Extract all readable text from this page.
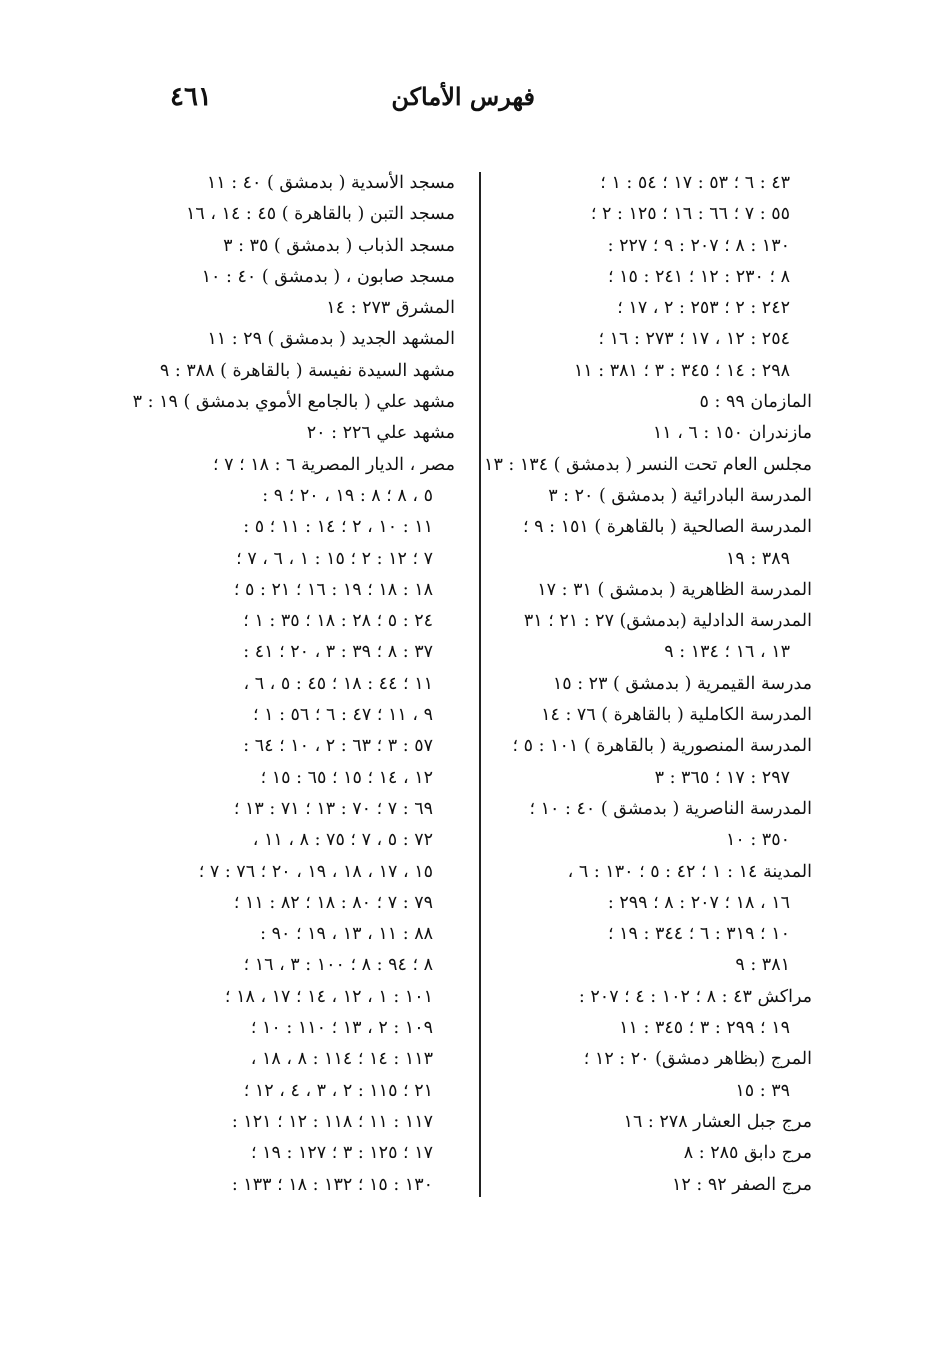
فهرس الأماكن
٤٦١
٤٣ : ٦ ؛ ٥٣ : ١٧ ؛ ٥٤ : ١ ؛
٥٥ : ٧ ؛ ٦٦ : ١٦ ؛ ١٢٥ : ٢ ؛
١٣٠ : ٨ ؛ ٢٠٧ : ٩ ؛ ٢٢٧ :
٨ ؛ ٢٣٠ : ١٢ ؛ ٢٤١ : ١٥ ؛
٢٤٢ : ٢ ؛ ٢٥٣ : ٢ ، ١٧ ؛
٢٥٤ : ١٢ ، ١٧ ؛ ٢٧٣ : ١٦ ؛
٢٩٨ : ١٤ ؛ ٣٤٥ : ٣ ؛ ٣٨١ : ١١
المازمان ٩٩ : ٥
مازندران ١٥٠ : ٦ ، ١١
مجلس العام تحت النسر ( بدمشق ) ١٣٤ : ١٣
المدرسة البادرائية ( بدمشق ) ٢٠ : ٣
المدرسة الصالحية ( بالقاهرة ) ١٥١ : ٩ ؛
٣٨٩ : ١٩
المدرسة الظاهرية ( بدمشق ) ٣١ : ١٧
المدرسة الدادلية (بدمشق) ٢٧ : ٢١ ؛ ٣١
١٣ ، ١٦ ؛ ١٣٤ : ٩
مدرسة القيمرية ( بدمشق ) ٢٣ : ١٥
المدرسة الكاملية ( بالقاهرة ) ٧٦ : ١٤
المدرسة المنصورية ( بالقاهرة ) ١٠١ : ٥ ؛
٢٩٧ : ١٧ ؛ ٣٦٥ : ٣
المدرسة الناصرية ( بدمشق ) ٤٠ : ١٠ ؛
٣٥٠ : ١٠
المدينة ١٤ : ١ ؛ ٤٢ : ٥ ؛ ١٣٠ : ٦ ،
١٦ ، ١٨ ؛ ٢٠٧ : ٨ ؛ ٢٩٩ :
١٠ ؛ ٣١٩ : ٦ ؛ ٣٤٤ : ١٩ ؛
٣٨١ : ٩
مراكش ٤٣ : ٨ ؛ ١٠٢ : ٤ ؛ ٢٠٧ :
١٩ ؛ ٢٩٩ : ٣ ؛ ٣٤٥ : ١١
المرج (بظاهر دمشق) ٢٠ : ١٢ ؛
٣٩ : ١٥
مرج جبل العشار ٢٧٨ : ١٦
مرج دابق ٢٨٥ : ٨
مرج الصفر ٩٢ : ١٢
مسجد الأسدية ( بدمشق ) ٤٠ : ١١
مسجد التبن ( بالقاهرة ) ٤٥ : ١٤ ، ١٦
مسجد الذباب ( بدمشق ) ٣٥ : ٣
مسجد صابون ، ( بدمشق ) ٤٠ : ١٠
المشرق ٢٧٣ : ١٤
المشهد الجديد ( بدمشق ) ٢٩ : ١١
مشهد السيدة نفيسة ( بالقاهرة ) ٣٨٨ : ٩
مشهد علي ( بالجامع الأموي بدمشق ) ١٩ : ٣
مشهد علي ٢٢٦ : ٢٠
مصر ، الديار المصرية ٦ : ١٨ ؛ ٧ ؛
٥ ، ٨ ؛ ٨ : ١٩ ، ٢٠ ؛ ٩ :
١١ : ١٠ ، ٢ ؛ ١٤ : ١١ ؛ ٥ :
٧ ؛ ١٢ : ٢ ؛ ١٥ : ١ ، ٦ ، ٧ ؛
١٨ : ١٨ ؛ ١٩ : ١٦ ؛ ٢١ : ٥ ؛
٢٤ : ٥ ؛ ٢٨ : ١٨ ؛ ٣٥ : ١ ؛
٣٧ : ٨ ؛ ٣٩ : ٣ ، ٢٠ ؛ ٤١ :
١١ ؛ ٤٤ : ١٨ ؛ ٤٥ : ٥ ، ٦ ،
٩ ، ١١ ؛ ٤٧ : ٦ ؛ ٥٦ : ١ ؛
٥٧ : ٣ ؛ ٦٣ : ٢ ، ١٠ ؛ ٦٤ :
١٢ ، ١٤ ؛ ١٥ ؛ ٦٥ : ١٥ ؛
٦٩ : ٧ ؛ ٧٠ : ١٣ ؛ ٧١ : ١٣ ؛
٧٢ : ٥ ، ٧ ؛ ٧٥ : ٨ ، ١١ ،
١٥ ، ١٧ ، ١٨ ، ١٩ ، ٢٠ ؛ ٧٦ : ٧ ؛
٧٩ : ٧ ؛ ٨٠ : ١٨ ؛ ٨٢ : ١١ ؛
٨٨ : ١١ ، ١٣ ، ١٩ ؛ ٩٠ :
٨ ؛ ٩٤ : ٨ ؛ ١٠٠ : ٣ ، ١٦ ؛
١٠١ : ١ ، ١٢ ، ١٤ ؛ ١٧ ، ١٨ ؛
١٠٩ : ٢ ، ١٣ ؛ ١١٠ : ١٠ ؛
١١٣ : ١٤ ؛ ١١٤ : ٨ ، ١٨ ،
٢١ ؛ ١١٥ : ٢ ، ٣ ، ٤ ، ١٢ ؛
١١٧ : ١١ ؛ ١١٨ : ١٢ ؛ ١٢١ :
١٧ ؛ ١٢٥ : ٣ ؛ ١٢٧ : ١٩ ؛
١٣٠ : ١٥ ؛ ١٣٢ : ١٨ ؛ ١٣٣ :
